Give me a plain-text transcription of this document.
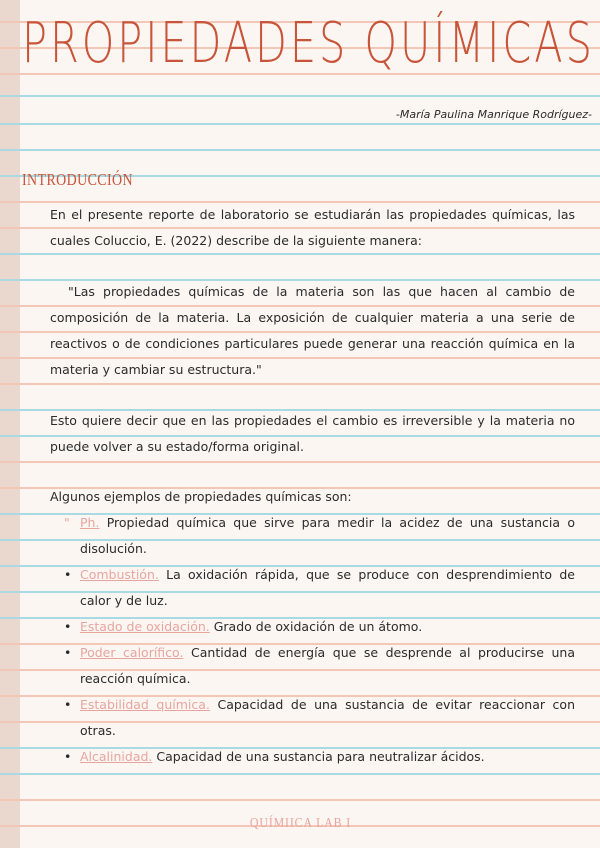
PROPIEDADES QUÍMICAS
-María Paulina Manrique Rodríguez-
INTRODUCCIÓN
En el presente reporte de laboratorio se estudiarán las propiedades químicas, las cuales Coluccio, E. (2022) describe de la siguiente manera:
"Las propiedades químicas de la materia son las que hacen al cambio de composición de la materia. La exposición de cualquier materia a una serie de reactivos o de condiciones particulares puede generar una reacción química en la materia y cambiar su estructura."
Esto quiere decir que en las propiedades el cambio es irreversible y la materia no puede volver a su estado/forma original.
Algunos ejemplos de propiedades químicas son:
" Ph. Propiedad química que sirve para medir la acidez de una sustancia o disolución.
• Combustión. La oxidación rápida, que se produce con desprendimiento de calor y de luz.
• Estado de oxidación. Grado de oxidación de un átomo.
• Poder calorífico. Cantidad de energía que se desprende al producirse una reacción química.
• Estabilidad química. Capacidad de una sustancia de evitar reaccionar con otras.
• Alcalinidad. Capacidad de una sustancia para neutralizar ácidos.
QUÍMIICA LAB I
